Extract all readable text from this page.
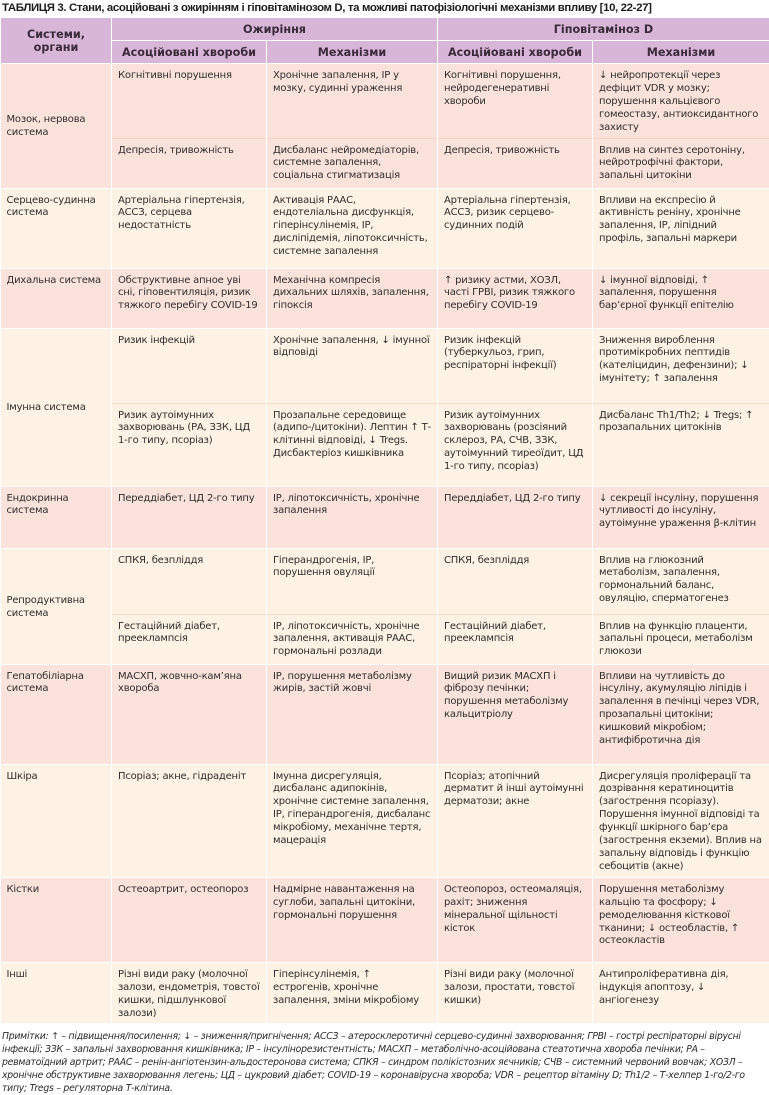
ТАБЛИЦЯ 3. Стани, асоційовані з ожирінням і гіповітамінозом D, та можливі патофізіологічні механізми впливу [10, 22-27]
Системи, органи	Ожиріння		Гіповітаміноз D	
	Асоційовані хвороби	Механізми	Асоційовані хвороби	Механізми
Мозок, нервова система	Когнітивні порушення	Хронічне запалення, ІР у мозку, судинні ураження	Когнітивні порушення, нейродегенеративні хвороби	↓ нейропротекції через дефіцит VDR у мозку; порушення кальцієвого гомеостазу, антиоксидантного захисту
	Депресія, тривожність	Дисбаланс нейромедіаторів, системне запалення, соціальна стигматизація	Депресія, тривожність	Вплив на синтез серотоніну, нейротрофічні фактори, запальні цитокіни
Серцево-судинна система	Артеріальна гіпертензія, АССЗ, серцева недостатність	Активація РААС, ендотеліальна дисфункція, гіперінсулінемія, ІР, дисліпідемія, ліпотоксичність, системне запалення	Артеріальна гіпертензія, АССЗ, ризик серцево-судинних подій	Впливи на експресію й активність реніну, хронічне запалення, ІР, ліпідний профіль, запальні маркери
Дихальна система	Обструктивне апное уві сні, гіповентиляція, ризик тяжкого перебігу COVID-19	Механічна компресія дихальних шляхів, запалення, гіпоксія	↑ ризику астми, ХОЗЛ, часті ГРВІ, ризик тяжкого перебігу COVID-19	↓ імунної відповіді, ↑ запалення, порушення бар’єрної функції епітелію
Імунна система	Ризик інфекцій	Хронічне запалення, ↓ імунної відповіді	Ризик інфекцій (туберкульоз, грип, респіраторні інфекції)	Зниження вироблення протимікробних пептидів (кателіцидин, дефензини); ↓ імунітету; ↑ запалення
	Ризик аутоімунних захворювань (РА, ЗЗК, ЦД 1-го типу, псоріаз)	Прозапальне середовище (адипо-/цитокіни). Лептин ↑ Т-клітинні відповіді, ↓ Tregs. Дисбактеріоз кишківника	Ризик аутоімунних захворювань (розсіяний склероз, РА, СЧВ, ЗЗК, аутоімунний тиреоїдит, ЦД 1-го типу, псоріаз)	Дисбаланс Th1/Th2; ↓ Tregs; ↑ прозапальних цитокінів
Ендокринна система	Переддіабет, ЦД 2-го типу	ІР, ліпотоксичність, хронічне запалення	Переддіабет, ЦД 2-го типу	↓ секреції інсуліну, порушення чутливості до інсуліну, аутоімунне ураження β-клітин
Репродуктивна система	СПКЯ, безпліддя	Гіперандрогенія, ІР, порушення овуляції	СПКЯ, безпліддя	Вплив на глюкозний метаболізм, запалення, гормональний баланс, овуляцію, сперматогенез
	Гестаційний діабет, прееклампсія	ІР, ліпотоксичність, хронічне запалення, активація РААС, гормональні розлади	Гестаційний діабет, прееклампсія	Вплив на функцію плаценти, запальні процеси, метаболізм глюкози
Гепатобіліарна система	МАСХП, жовчно-кам’яна хвороба	ІР, порушення метаболізму жирів, застій жовчі	Вищий ризик МАСХП і фіброзу печінки; порушення метаболізму кальцитріолу	Впливи на чутливість до інсуліну, акумуляцію ліпідів і запалення в печінці через VDR, прозапальні цитокіни; кишковий мікробіом; антифібротична дія
Шкіра	Псоріаз; акне, гідраденіт	Імунна дисрегуляція, дисбаланс адипокінів, хронічне системне запалення, ІР, гіперандрогенія, дисбаланс мікробіому, механічне тертя, мацерація	Псоріаз; атопічний дерматит й інші аутоімунні дерматози; акне	Дисрегуляція проліферації та дозрівання кератиноцитів (загострення псоріазу). Порушення імунної відповіді та функції шкірного бар’єра (загострення екземи). Вплив на запальну відповідь і функцію себоцитів (акне)
Кістки	Остеоартрит, остеопороз	Надмірне навантаження на суглоби, запальні цитокіни, гормональні порушення	Остеопороз, остеомаляція, рахіт; зниження мінеральної щільності кісток	Порушення метаболізму кальцію та фосфору; ↓ ремоделювання кісткової тканини; ↓ остеобластів, ↑ остеокластів
Інші	Різні види раку (молочної залози, ендометрія, товстої кишки, підшлункової залози)	Гіперінсулінемія, ↑ естрогенів, хронічне запалення, зміни мікробіому	Різні види раку (молочної залози, простати, товстої кишки)	Антипроліферативна дія, індукція апоптозу, ↓ ангіогенезу
Примітки: ↑ – підвищення/посилення; ↓ – зниження/пригнічення; АССЗ – атеросклеротичні серцево-судинні захворювання; ГРВІ – гострі респіраторні вірусні інфекції; ЗЗК – запальні захворювання кишківника; ІР – інсулінорезистентність; МАСХП – метаболічно-асоційована стеатотична хвороба печінки; РА – ревматоїдний артрит; РААС – ренін-ангіотензин-альдостеронова система; СПКЯ – синдром полікістозних яєчників; СЧВ – системний червоний вовчак; ХОЗЛ – хронічне обструктивне захворювання легень; ЦД – цукровий діабет; COVID-19 – коронавірусна хвороба; VDR – рецептор вітаміну D; Th1/2 – Т-хелпер 1-го/2-го типу; Tregs – регуляторна Т-клітина.
